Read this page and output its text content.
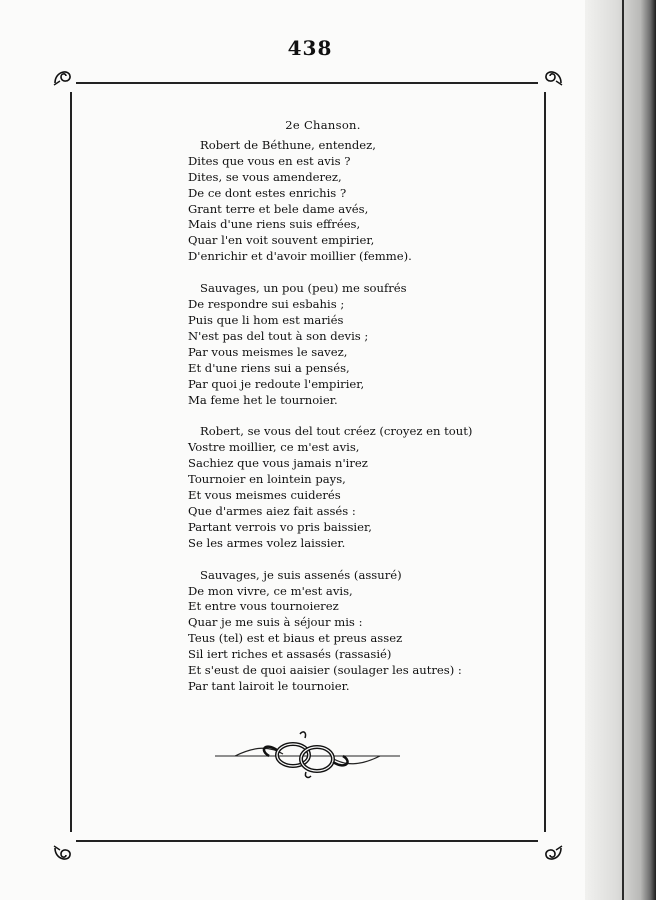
438
2e Chanson.
Robert de Béthune, entendez,
Dites que vous en est avis ?
Dites, se vous amenderez,
De ce dont estes enrichis ?
Grant terre et bele dame avés,
Mais d'une riens suis effrées,
Quar l'en voit souvent empirier,
D'enrichir et d'avoir moillier (femme).
Sauvages, un pou (peu) me soufrés
De respondre sui esbahis ;
Puis que li hom est mariés
N'est pas del tout à son devis ;
Par vous meismes le savez,
Et d'une riens sui a pensés,
Par quoi je redoute l'empirier,
Ma feme het le tournoier.
Robert, se vous del tout créez (croyez en tout)
Vostre moillier, ce m'est avis,
Sachiez que vous jamais n'irez
Tournoier en lointein pays,
Et vous meismes cuiderés
Que d'armes aiez fait assés :
Partant verrois vo pris baissier,
Se les armes volez laissier.
Sauvages, je suis assenés (assuré)
De mon vivre, ce m'est avis,
Et entre vous tournoierez
Quar je me suis à séjour mis :
Teus (tel) est et biaus et preus assez
Sil iert riches et assasés (rassasié)
Et s'eust de quoi aaisier (soulager les autres) :
Par tant lairoit le tournoier.
